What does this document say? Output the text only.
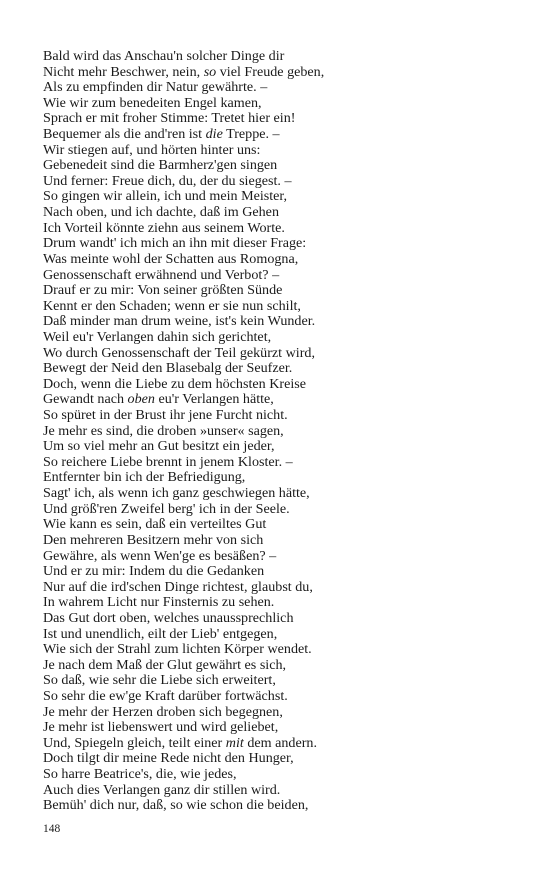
Bald wird das Anschau'n solcher Dinge dir
Nicht mehr Beschwer, nein, so viel Freude geben,
Als zu empfinden dir Natur gewährte. –
Wie wir zum benedeiten Engel kamen,
Sprach er mit froher Stimme: Tretet hier ein!
Bequemer als die and'ren ist die Treppe. –
Wir stiegen auf, und hörten hinter uns:
Gebenedeit sind die Barmherz'gen singen
Und ferner: Freue dich, du, der du siegest. –
So gingen wir allein, ich und mein Meister,
Nach oben, und ich dachte, daß im Gehen
Ich Vorteil könnte ziehn aus seinem Worte.
Drum wandt' ich mich an ihn mit dieser Frage:
Was meinte wohl der Schatten aus Romogna,
Genossenschaft erwähnend und Verbot? –
Drauf er zu mir: Von seiner größten Sünde
Kennt er den Schaden; wenn er sie nun schilt,
Daß minder man drum weine, ist's kein Wunder.
Weil eu'r Verlangen dahin sich gerichtet,
Wo durch Genossenschaft der Teil gekürzt wird,
Bewegt der Neid den Blasebalg der Seufzer.
Doch, wenn die Liebe zu dem höchsten Kreise
Gewandt nach oben eu'r Verlangen hätte,
So spüret in der Brust ihr jene Furcht nicht.
Je mehr es sind, die droben »unser« sagen,
Um so viel mehr an Gut besitzt ein jeder,
So reichere Liebe brennt in jenem Kloster. –
Entfernter bin ich der Befriedigung,
Sagt' ich, als wenn ich ganz geschwiegen hätte,
Und größ'ren Zweifel berg' ich in der Seele.
Wie kann es sein, daß ein verteiltes Gut
Den mehreren Besitzern mehr von sich
Gewähre, als wenn Wen'ge es besäßen? –
Und er zu mir: Indem du die Gedanken
Nur auf die ird'schen Dinge richtest, glaubst du,
In wahrem Licht nur Finsternis zu sehen.
Das Gut dort oben, welches unaussprechlich
Ist und unendlich, eilt der Lieb' entgegen,
Wie sich der Strahl zum lichten Körper wendet.
Je nach dem Maß der Glut gewährt es sich,
So daß, wie sehr die Liebe sich erweitert,
So sehr die ew'ge Kraft darüber fortwächst.
Je mehr der Herzen droben sich begegnen,
Je mehr ist liebenswert und wird geliebet,
Und, Spiegeln gleich, teilt einer mit dem andern.
Doch tilgt dir meine Rede nicht den Hunger,
So harre Beatrice's, die, wie jedes,
Auch dies Verlangen ganz dir stillen wird.
Bemüh' dich nur, daß, so wie schon die beiden,
148
